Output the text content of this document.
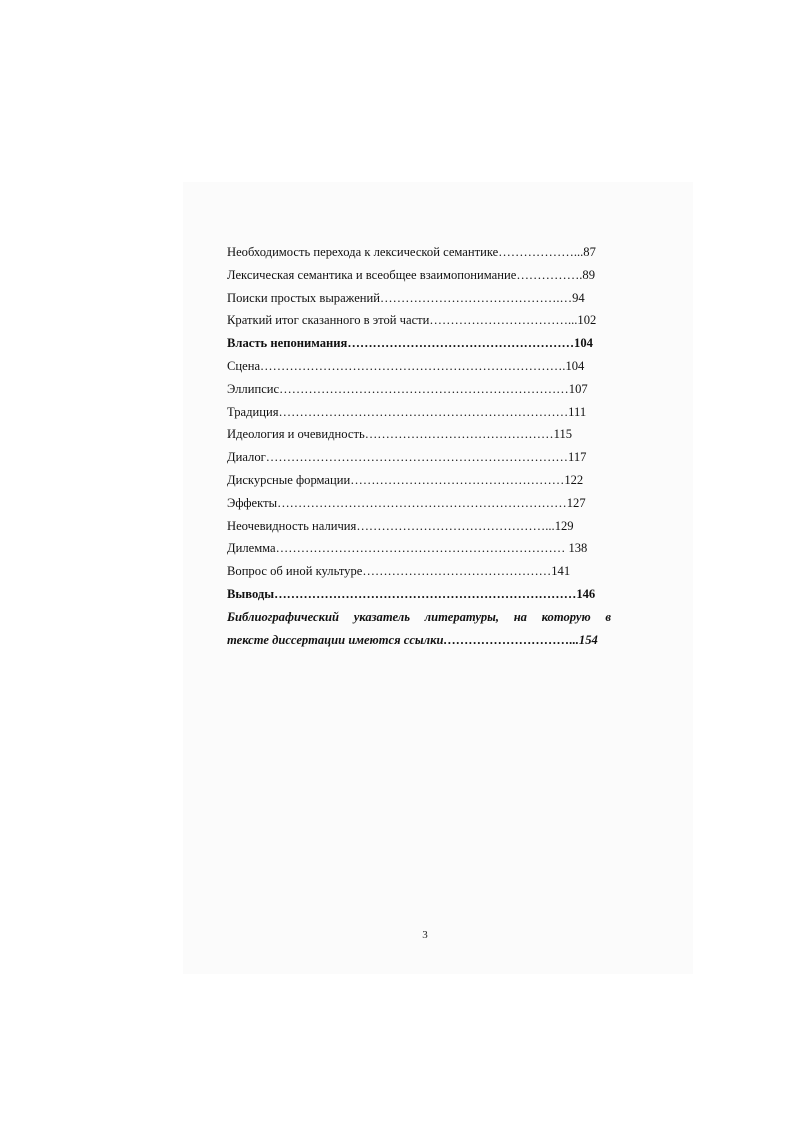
Необходимость перехода к лексической семантике………………...87
Лексическая семантика и всеобщее взаимопонимание…………….89
Поиски простых выражений…………………………………….…94
Краткий итог сказанного в этой части……………………………...102
Власть непонимания………………………………………………104
Сцена……………………………………………………………….104
Эллипсис……………………………………………………………107
Традиция……………………………………………………………111
Идеология и очевидность………………………………………115
Диалог………………………………………………………………117
Дискурсные формации……………………………………………122
Эффекты……………………………………………………………127
Неочевидность наличия………………………………………...129
Дилемма…………………………………………………………… 138
Вопрос об иной культуре………………………………………141
Выводы………………………………………………………………146
Библиографический указатель литературы, на которую в
тексте диссертации имеются ссылки…………………………...154
3
